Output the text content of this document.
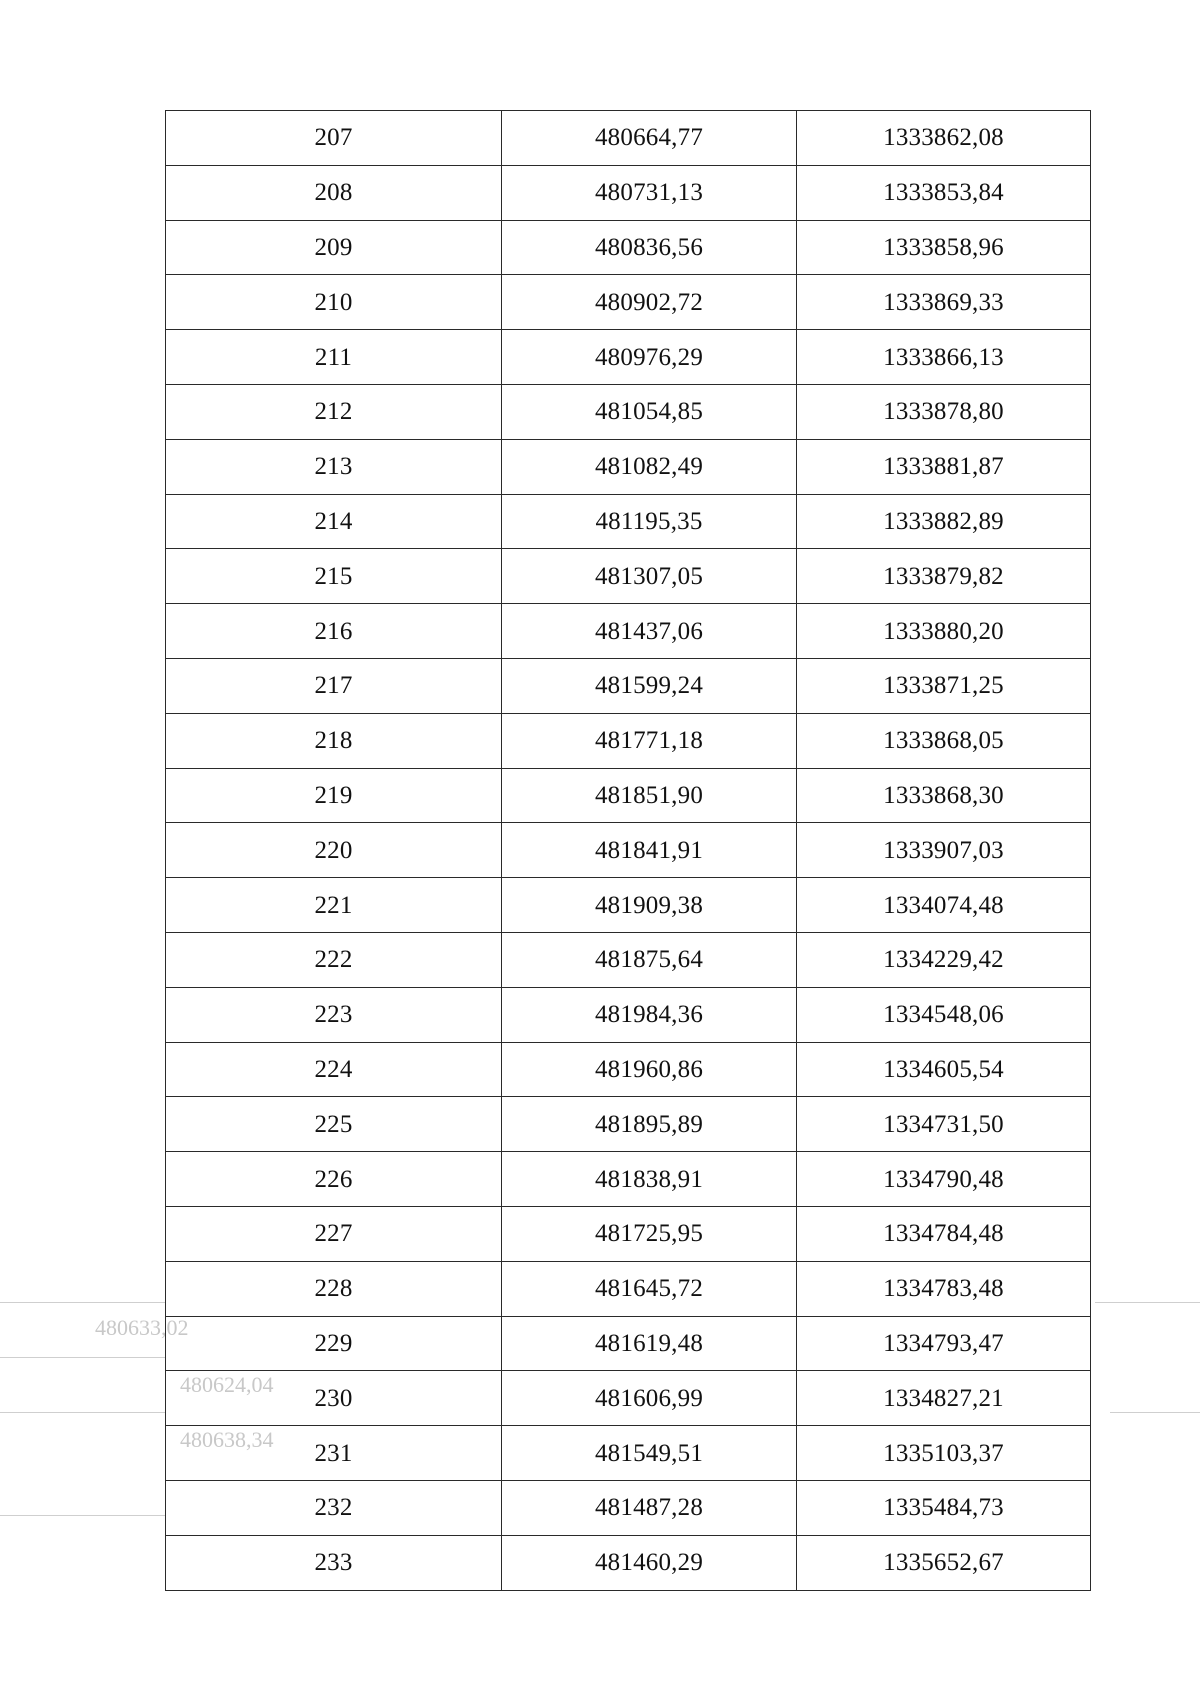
480633,02
480624,04
480638,34
207	480664,77	1333862,08
208	480731,13	1333853,84
209	480836,56	1333858,96
210	480902,72	1333869,33
211	480976,29	1333866,13
212	481054,85	1333878,80
213	481082,49	1333881,87
214	481195,35	1333882,89
215	481307,05	1333879,82
216	481437,06	1333880,20
217	481599,24	1333871,25
218	481771,18	1333868,05
219	481851,90	1333868,30
220	481841,91	1333907,03
221	481909,38	1334074,48
222	481875,64	1334229,42
223	481984,36	1334548,06
224	481960,86	1334605,54
225	481895,89	1334731,50
226	481838,91	1334790,48
227	481725,95	1334784,48
228	481645,72	1334783,48
229	481619,48	1334793,47
230	481606,99	1334827,21
231	481549,51	1335103,37
232	481487,28	1335484,73
233	481460,29	1335652,67
